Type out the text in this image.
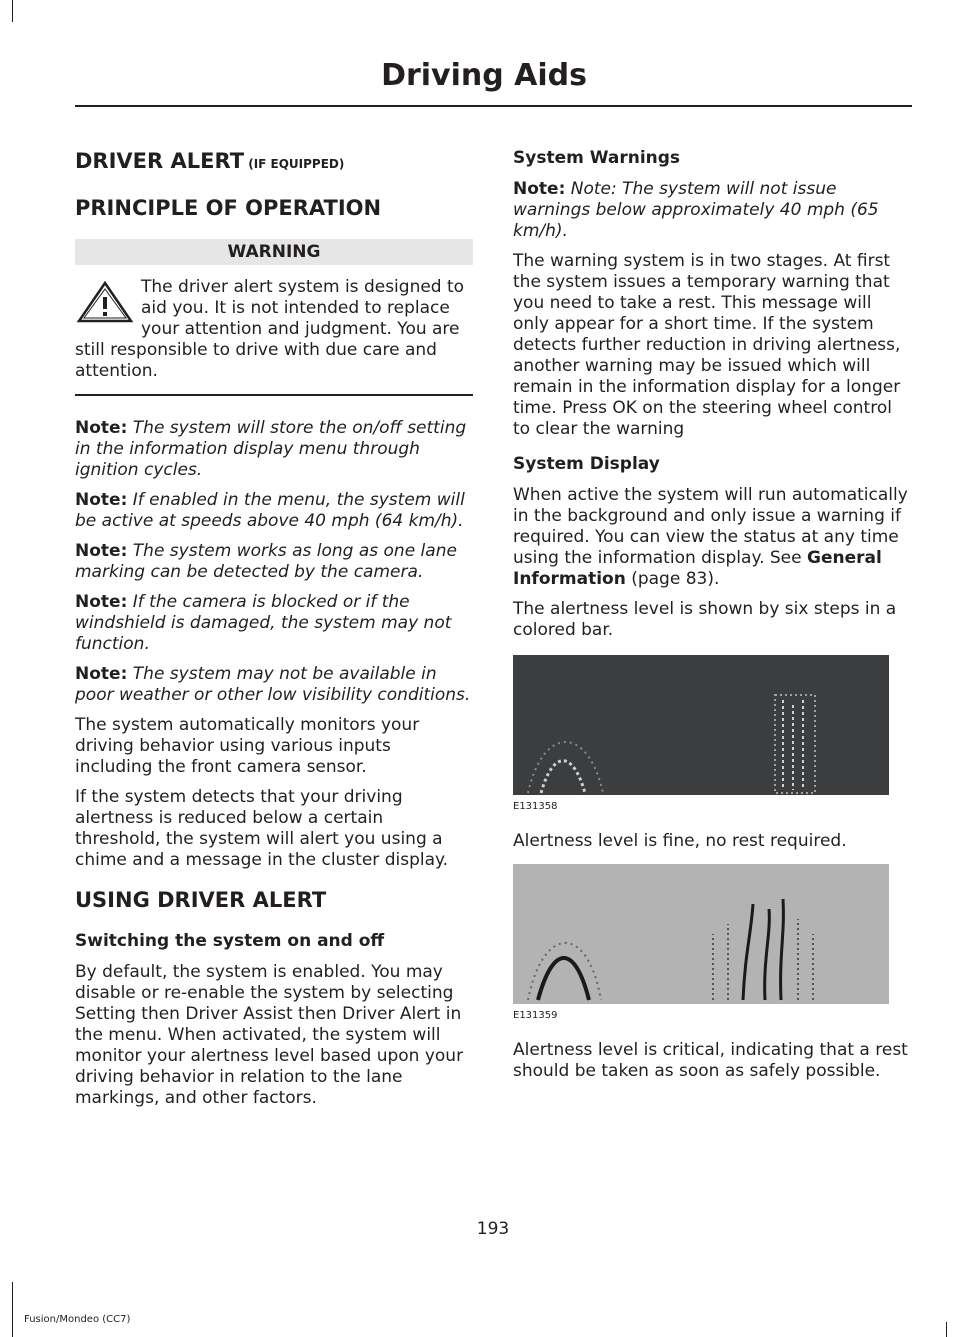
Driving Aids
DRIVER ALERT (IF EQUIPPED)
PRINCIPLE OF OPERATION
WARNING
The driver alert system is designed to aid you. It is not intended to replace your attention and judgment. You are still responsible to drive with due care and attention.

Note: The system will store the on/off setting in the information display menu through ignition cycles.

Note: If enabled in the menu, the system will be active at speeds above 40 mph (64 km/h).

Note: The system works as long as one lane marking can be detected by the camera.

Note: If the camera is blocked or if the windshield is damaged, the system may not function.

Note: The system may not be available in poor weather or other low visibility conditions.

The system automatically monitors your driving behavior using various inputs including the front camera sensor.

If the system detects that your driving alertness is reduced below a certain threshold, the system will alert you using a chime and a message in the cluster display.

USING DRIVER ALERT
Switching the system on and off

By default, the system is enabled. You may disable or re-enable the system by selecting Setting then Driver Assist then Driver Alert in the menu. When activated, the system will monitor your alertness level based upon your driving behavior in relation to the lane markings, and other factors.

System Warnings

Note: Note: The system will not issue warnings below approximately 40 mph (65 km/h).

The warning system is in two stages. At first the system issues a temporary warning that you need to take a rest. This message will only appear for a short time. If the system detects further reduction in driving alertness, another warning may be issued which will remain in the information display for a longer time. Press OK on the steering wheel control to clear the warning

System Display

When active the system will run automatically in the background and only issue a warning if required. You can view the status at any time using the information display. See General Information (page 83).

The alertness level is shown by six steps in a colored bar.

E131358

Alertness level is fine, no rest required.

E131359

Alertness level is critical, indicating that a rest should be taken as soon as safely possible.

193
Fusion/Mondeo (CC7)
